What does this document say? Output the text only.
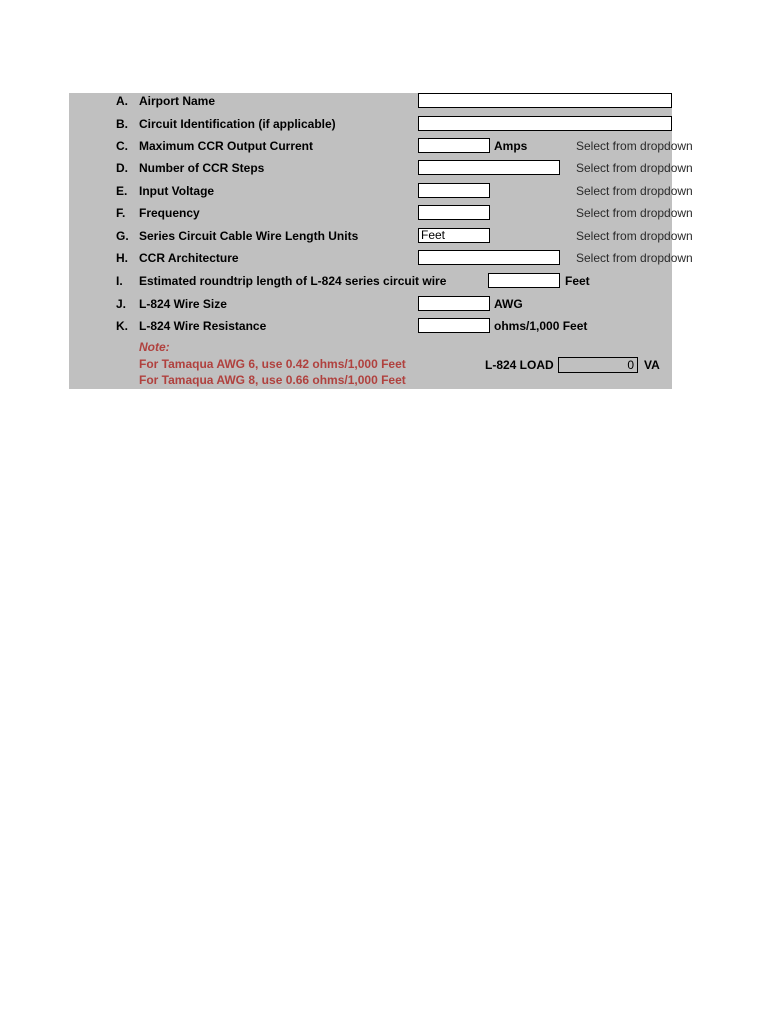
A. Airport Name
B. Circuit Identification (if applicable)
C. Maximum CCR Output Current	Amps	Select from dropdown
D. Number of CCR Steps	Select from dropdown
E. Input Voltage	Select from dropdown
F.	Frequency	Select from dropdown
G. Series Circuit Cable Wire Length Units	Feet	Select from dropdown
H. CCR Architecture	Select from dropdown
I.	Estimated roundtrip length of L-824 series circuit wire	Feet
J.	L-824 Wire Size	AWG
K. L-824 Wire Resistance	ohms/1,000 Feet
Note:
For Tamaqua AWG 6, use 0.42 ohms/1,000 Feet
For Tamaqua AWG 8, use 0.66 ohms/1,000 Feet
L-824 LOAD	0 VA
